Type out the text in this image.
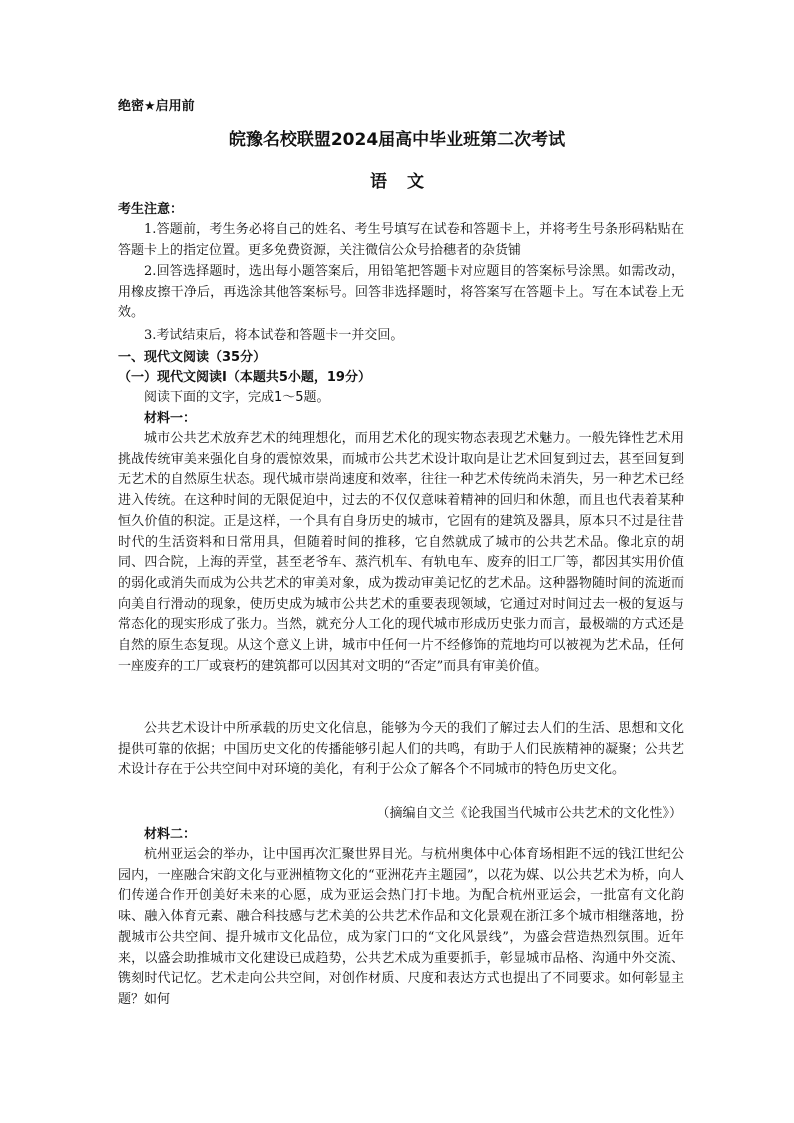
绝密★启用前
皖豫名校联盟2024届高中毕业班第二次考试
语文
考生注意：

1.答题前，考生务必将自己的姓名、考生号填写在试卷和答题卡上，并将考生号条形码粘贴在答题卡上的指定位置。更多免费资源，关注微信公众号拾穗者的杂货铺

2.回答选择题时，选出每小题答案后，用铅笔把答题卡对应题目的答案标号涂黑。如需改动，用橡皮擦干净后，再选涂其他答案标号。回答非选择题时，将答案写在答题卡上。写在本试卷上无效。

3.考试结束后，将本试卷和答题卡一并交回。

一、现代文阅读（35分）
（一）现代文阅读Ⅰ（本题共5小题，19分）
阅读下面的文字，完成1～5题。
材料一：

城市公共艺术放弃艺术的纯理想化，而用艺术化的现实物态表现艺术魅力。一般先锋性艺术用挑战传统审美来强化自身的震惊效果，而城市公共艺术设计取向是让艺术回复到过去，甚至回复到无艺术的自然原生状态。现代城市崇尚速度和效率，往往一种艺术传统尚未消失，另一种艺术已经进入传统。在这种时间的无限促迫中，过去的不仅仅意味着精神的回归和休憩，而且也代表着某种恒久价值的积淀。正是这样，一个具有自身历史的城市，它固有的建筑及器具，原本只不过是往昔时代的生活资料和日常用具，但随着时间的推移，它自然就成了城市的公共艺术品。像北京的胡同、四合院，上海的弄堂，甚至老爷车、蒸汽机车、有轨电车、废弃的旧工厂等，都因其实用价值的弱化或消失而成为公共艺术的审美对象，成为拨动审美记忆的艺术品。这种器物随时间的流逝而向美自行滑动的现象，使历史成为城市公共艺术的重要表现领域，它通过对时间过去一极的复返与常态化的现实形成了张力。当然，就充分人工化的现代城市形成历史张力而言，最极端的方式还是自然的原生态复现。从这个意义上讲，城市中任何一片不经修饰的荒地均可以被视为艺术品，任何一座废弃的工厂或衰朽的建筑都可以因其对文明的“否定”而具有审美价值。

公共艺术设计中所承载的历史文化信息，能够为今天的我们了解过去人们的生活、思想和文化提供可靠的依据；中国历史文化的传播能够引起人们的共鸣，有助于人们民族精神的凝聚；公共艺术设计存在于公共空间中对环境的美化，有利于公众了解各个不同城市的特色历史文化。

（摘编自文兰《论我国当代城市公共艺术的文化性》）
材料二：

杭州亚运会的举办，让中国再次汇聚世界目光。与杭州奥体中心体育场相距不远的钱江世纪公园内，一座融合宋韵文化与亚洲植物文化的“亚洲花卉主题园”，以花为媒、以公共艺术为桥，向人们传递合作开创美好未来的心愿，成为亚运会热门打卡地。为配合杭州亚运会，一批富有文化韵味、融入体育元素、融合科技感与艺术美的公共艺术作品和文化景观在浙江多个城市相继落地，扮靓城市公共空间、提升城市文化品位，成为家门口的“文化风景线”，为盛会营造热烈氛围。近年来，以盛会助推城市文化建设已成趋势，公共艺术成为重要抓手，彰显城市品格、沟通中外交流、镌刻时代记忆。艺术走向公共空间，对创作材质、尺度和表达方式也提出了不同要求。如何彰显主题？如何
